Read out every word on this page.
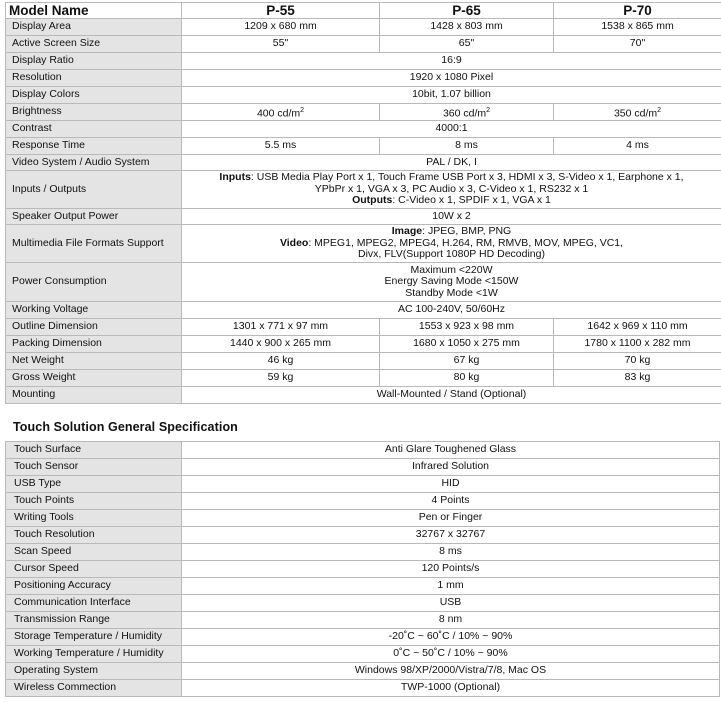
Model Name	P-55	P-65	P-70
Display Area	1209 x 680 mm	1428 x 803 mm	1538 x 865 mm
Active Screen Size	55"	65"	70"
Display Ratio	16:9		
Resolution	1920 x 1080 Pixel		
Display Colors	10bit, 1.07 billion		
Brightness	400 $cd/m^2$	360 $cd/m^2$	350 $cd/m^2$
Contrast	4000:1		
Response Time	5.5 ms	8 ms	4 ms
Video System / Audio System	PAL / DK, I		
Inputs / Outputs	Inputs: USB Media Play Port x 1, Touch Frame USB Port x 3, HDMI x 3, S-Video x 1, Earphone x 1,
YPbPr x 1, VGA x 3, PC Audio x 3, C-Video x 1, RS232 x 1
Outputs: C-Video x 1, SPDIF x 1, VGA x 1		

Speaker Output Power	10W x 2		
Multimedia File Formats Support	Image: JPEG, BMP, PNG
Video: MPEG1, MPEG2, MPEG4, H.264, RM, RMVB, MOV, MPEG, VC1,
Divx, FLV(Support 1080P HD Decoding)		

Power Consumption	Maximum <220W
Energy Saving Mode <150W
Standby Mode <1W		

Working Voltage	AC 100-240V, 50/60Hz		
Outline Dimension	1301 x 771 x 97 mm	1553 x 923 x 98 mm	1642 x 969 x 110 mm
Packing Dimension	1440 x 900 x 265 mm	1680 x 1050 x 275 mm	1780 x 1100 x 282 mm
Net Weight	46 kg	67 kg	70 kg
Gross Weight	59 kg	80 kg	83 kg
Mounting	Wall-Mounted / Stand (Optional)		
Touch Solution General Specification
Touch Surface	Anti Glare Toughened Glass
Touch Sensor	Infrared Solution
USB Type	HID
Touch Points	4 Points
Writing Tools	Pen or Finger
Touch Resolution	32767 x 32767
Scan Speed	8 ms
Cursor Speed	120 Points/s
Positioning Accuracy	1 mm
Communication Interface	USB
Transmission Range	8 nm
Storage Temperature / Humidity	-20˚C ~ 60˚C / 10% ~ 90%
Working Temperature / Humidity	0˚C ~ 50˚C / 10% ~ 90%
Operating System	Windows 98/XP/2000/Vistra/7/8, Mac OS
Wireless Commection	TWP-1000 (Optional)
